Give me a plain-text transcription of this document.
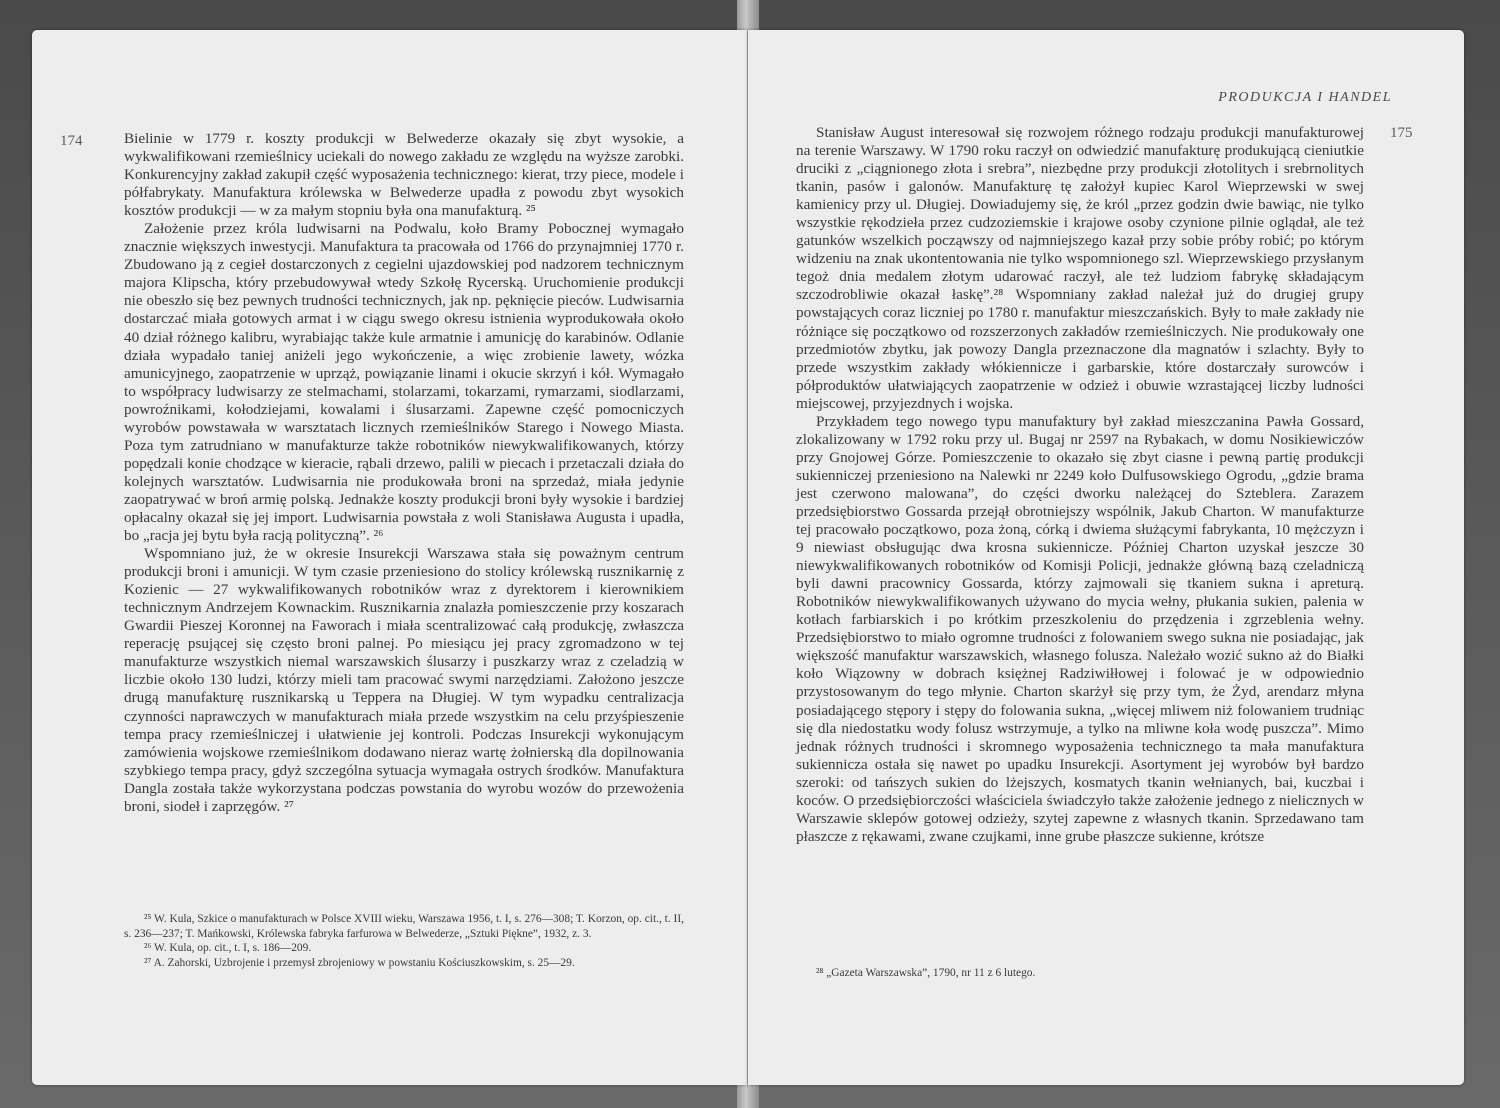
PRODUKCJA I HANDEL
174	175

Bielinie w 1779 r. koszty produkcji w Belwederze okazały się zbyt wysokie, a wykwalifikowani rzemieślnicy uciekali do nowego zakładu ze względu na wyższe zarobki. Konkurencyjny zakład zakupił część wyposażenia technicznego: kierat, trzy piece, modele i półfabrykaty. Manufaktura królewska w Belwederze upadła z powodu zbyt wysokich kosztów produkcji — w za małym stopniu była ona manufakturą. ²⁵

Założenie przez króla ludwisarni na Podwalu, koło Bramy Pobocznej wymagało znacznie większych inwestycji. Manufaktura ta pracowała od 1766 do przynajmniej 1770 r. Zbudowano ją z cegieł dostarczonych z cegielni ujazdowskiej pod nadzorem technicznym majora Klipscha, który przebudowywał wtedy Szkołę Rycerską. Uruchomienie produkcji nie obeszło się bez pewnych trudności technicznych, jak np. pęknięcie pieców. Ludwisarnia dostarczać miała gotowych armat i w ciągu swego okresu istnienia wyprodukowała około 40 dział różnego kalibru, wyrabiając także kule armatnie i amunicję do karabinów. Odlanie działa wypadało taniej aniżeli jego wykończenie, a więc zrobienie lawety, wózka amunicyjnego, zaopatrzenie w uprząż, powiązanie linami i okucie skrzyń i kół. Wymagało to współpracy ludwisarzy ze stelmachami, stolarzami, tokarzami, rymarzami, siodlarzami, powroźnikami, kołodziejami, kowalami i ślusarzami. Zapewne część pomocniczych wyrobów powstawała w warsztatach licznych rzemieślników Starego i Nowego Miasta. Poza tym zatrudniano w manufakturze także robotników niewykwalifikowanych, którzy popędzali konie chodzące w kieracie, rąbali drzewo, palili w piecach i przetaczali działa do kolejnych warsztatów. Ludwisarnia nie produkowała broni na sprzedaż, miała jedynie zaopatrywać w broń armię polską. Jednakże koszty produkcji broni były wysokie i bardziej opłacalny okazał się jej import. Ludwisarnia powstała z woli Stanisława Augusta i upadła, bo „racja jej bytu była racją polityczną”. ²⁶

Wspomniano już, że w okresie Insurekcji Warszawa stała się poważnym centrum produkcji broni i amunicji. W tym czasie przeniesiono do stolicy królewską rusznikarnię z Kozienic — 27 wykwalifikowanych robotników wraz z dyrektorem i kierownikiem technicznym Andrzejem Kownackim. Rusznikarnia znalazła pomieszczenie przy koszarach Gwardii Pieszej Koronnej na Faworach i miała scentralizować całą produkcję, zwłaszcza reperację psującej się często broni palnej. Po miesiącu jej pracy zgromadzono w tej manufakturze wszystkich niemal warszawskich ślusarzy i puszkarzy wraz z czeladzią w liczbie około 130 ludzi, którzy mieli tam pracować swymi narzędziami. Założono jeszcze drugą manufakturę rusznikarską u Teppera na Długiej. W tym wypadku centralizacja czynności naprawczych w manufakturach miała przede wszystkim na celu przyśpieszenie tempa pracy rzemieślniczej i ułatwienie jej kontroli. Podczas Insurekcji wykonującym zamówienia wojskowe rzemieślnikom dodawano nieraz wartę żołnierską dla dopilnowania szybkiego tempa pracy, gdyż szczególna sytuacja wymagała ostrych środków. Manufaktura Dangla została także wykorzystana podczas powstania do wyrobu wozów do przewożenia broni, siodeł i zaprzęgów. ²⁷

²⁵ W. Kula, Szkice o manufakturach w Polsce XVIII wieku, Warszawa 1956, t. I, s. 276—308; T. Korzon, op. cit., t. II, s. 236—237; T. Mańkowski, Królewska fabryka farfurowa w Belwederze, „Sztuki Piękne”, 1932, z. 3.

²⁶ W. Kula, op. cit., t. I, s. 186—209.

²⁷ A. Zahorski, Uzbrojenie i przemysł zbrojeniowy w powstaniu Kościuszkowskim, s. 25—29.

Stanisław August interesował się rozwojem różnego rodzaju produkcji manufakturowej na terenie Warszawy. W 1790 roku raczył on odwiedzić manufakturę produkującą cieniutkie druciki z „ciągnionego złota i srebra”, niezbędne przy produkcji złotolitych i srebrnolitych tkanin, pasów i galonów. Manufakturę tę założył kupiec Karol Wieprzewski w swej kamienicy przy ul. Długiej. Dowiadujemy się, że król „przez godzin dwie bawiąc, nie tylko wszystkie rękodzieła przez cudzoziemskie i krajowe osoby czynione pilnie oglądał, ale też gatunków wszelkich począwszy od najmniejszego kazał przy sobie próby robić; po którym widzeniu na znak ukontentowania nie tylko wspomnionego szl. Wieprzewskiego przysłanym tegoż dnia medalem złotym udarować raczył, ale też ludziom fabrykę składającym szczodrobliwie okazał łaskę”.²⁸ Wspomniany zakład należał już do drugiej grupy powstających coraz liczniej po 1780 r. manufaktur mieszczańskich. Były to małe zakłady nie różniące się początkowo od rozszerzonych zakładów rzemieślniczych. Nie produkowały one przedmiotów zbytku, jak powozy Dangla przeznaczone dla magnatów i szlachty. Były to przede wszystkim zakłady włókiennicze i garbarskie, które dostarczały surowców i półproduktów ułatwiających zaopatrzenie w odzież i obuwie wzrastającej liczby ludności miejscowej, przyjezdnych i wojska.

Przykładem tego nowego typu manufaktury był zakład mieszczanina Pawła Gossard, zlokalizowany w 1792 roku przy ul. Bugaj nr 2597 na Rybakach, w domu Nosikiewiczów przy Gnojowej Górze. Pomieszczenie to okazało się zbyt ciasne i pewną partię produkcji sukienniczej przeniesiono na Nalewki nr 2249 koło Dulfusowskiego Ogrodu, „gdzie brama jest czerwono malowana”, do części dworku należącej do Szteblera. Zarazem przedsiębiorstwo Gossarda przejął obrotniejszy wspólnik, Jakub Charton. W manufakturze tej pracowało początkowo, poza żoną, córką i dwiema służącymi fabrykanta, 10 mężczyzn i 9 niewiast obsługując dwa krosna sukiennicze. Później Charton uzyskał jeszcze 30 niewykwalifikowanych robotników od Komisji Policji, jednakże główną bazą czeladniczą byli dawni pracownicy Gossarda, którzy zajmowali się tkaniem sukna i apreturą. Robotników niewykwalifikowanych używano do mycia wełny, płukania sukien, palenia w kotłach farbiarskich i po krótkim przeszkoleniu do przędzenia i zgrzeblenia wełny. Przedsiębiorstwo to miało ogromne trudności z folowaniem swego sukna nie posiadając, jak większość manufaktur warszawskich, własnego folusza. Należało wozić sukno aż do Białki koło Wiązowny w dobrach księżnej Radziwiłłowej i folować je w odpowiednio przystosowanym do tego młynie. Charton skarżył się przy tym, że Żyd, arendarz młyna posiadającego stępory i stępy do folowania sukna, „więcej mliwem niż folowaniem trudniąc się dla niedostatku wody folusz wstrzymuje, a tylko na mliwne koła wodę puszcza”. Mimo jednak różnych trudności i skromnego wyposażenia technicznego ta mała manufaktura sukiennicza ostała się nawet po upadku Insurekcji. Asortyment jej wyrobów był bardzo szeroki: od tańszych sukien do lżejszych, kosmatych tkanin wełnianych, bai, kuczbai i koców. O przedsiębiorczości właściciela świadczyło także założenie jednego z nielicznych w Warszawie sklepów gotowej odzieży, szytej zapewne z własnych tkanin. Sprzedawano tam płaszcze z rękawami, zwane czujkami, inne grube płaszcze sukienne, krótsze

²⁸ „Gazeta Warszawska”, 1790, nr 11 z 6 lutego.
